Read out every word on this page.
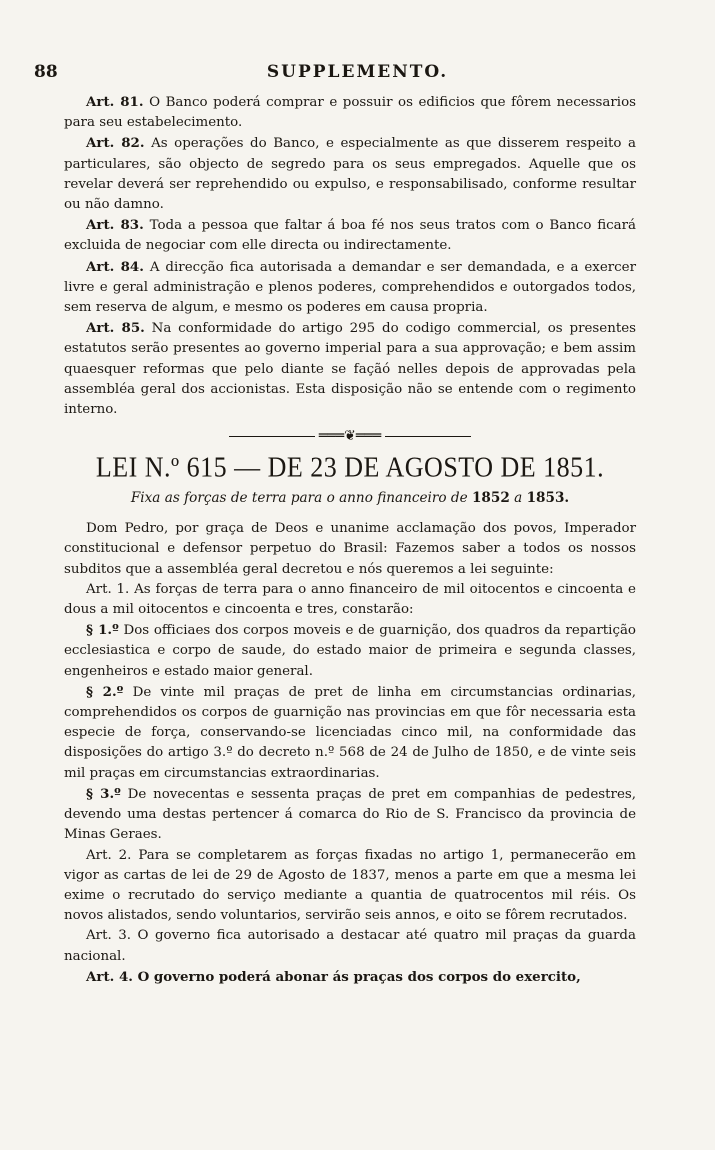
88	SUPPLEMENTO.

Art. 81. O Banco poderá comprar e possuir os edificios que fôrem necessarios para seu estabelecimento.

Art. 82. As operações do Banco, e especialmente as que disserem respeito a particulares, são objecto de segredo para os seus empregados. Aquelle que os revelar deverá ser reprehendido ou expulso, e responsabilisado, conforme resultar ou não damno.

Art. 83. Toda a pessoa que faltar á boa fé nos seus tratos com o Banco ficará excluida de negociar com elle directa ou indirectamente.

Art. 84. A direcção fica autorisada a demandar e ser demandada, e a exercer livre e geral administração e plenos poderes, comprehendidos e outorgados todos, sem reserva de algum, e mesmo os poderes em causa propria.

Art. 85. Na conformidade do artigo 295 do codigo commercial, os presentes estatutos serão presentes ao governo imperial para a sua approvação; e bem assim quaesquer reformas que pelo diante se façãó nelles depois de approvadas pela assembléa geral dos accionistas. Esta disposição não se entende com o regimento interno.

═══❦═══
LEI N.º 615 — DE 23 DE AGOSTO DE 1851.
Fixa as forças de terra para o anno financeiro de 1852 a 1853.

Dom Pedro, por graça de Deos e unanime acclamação dos povos, Imperador constitucional e defensor perpetuo do Brasil: Fazemos saber a todos os nossos subditos que a assembléa geral decretou e nós queremos a lei seguinte:

Art. 1. As forças de terra para o anno financeiro de mil oitocentos e cincoenta e dous a mil oitocentos e cincoenta e tres, constarão:

§ 1.º Dos officiaes dos corpos moveis e de guarnição, dos quadros da repartição ecclesiastica e corpo de saude, do estado maior de primeira e segunda classes, engenheiros e estado maior general.

§ 2.º De vinte mil praças de pret de linha em circumstancias ordinarias, comprehendidos os corpos de guarnição nas provincias em que fôr necessaria esta especie de força, conservando-se licenciadas cinco mil, na conformidade das disposições do artigo 3.º do decreto n.º 568 de 24 de Julho de 1850, e de vinte seis mil praças em circumstancias extraordinarias.

§ 3.º De novecentas e sessenta praças de pret em companhias de pedestres, devendo uma destas pertencer á comarca do Rio de S. Francisco da provincia de Minas Geraes.

Art. 2. Para se completarem as forças fixadas no artigo 1, permanecerão em vigor as cartas de lei de 29 de Agosto de 1837, menos a parte em que a mesma lei exime o recrutado do serviço mediante a quantia de quatrocentos mil réis. Os novos alistados, sendo voluntarios, servirão seis annos, e oito se fôrem recrutados.

Art. 3. O governo fica autorisado a destacar até quatro mil praças da guarda nacional.

Art. 4. O governo poderá abonar ás praças dos corpos do exercito,
